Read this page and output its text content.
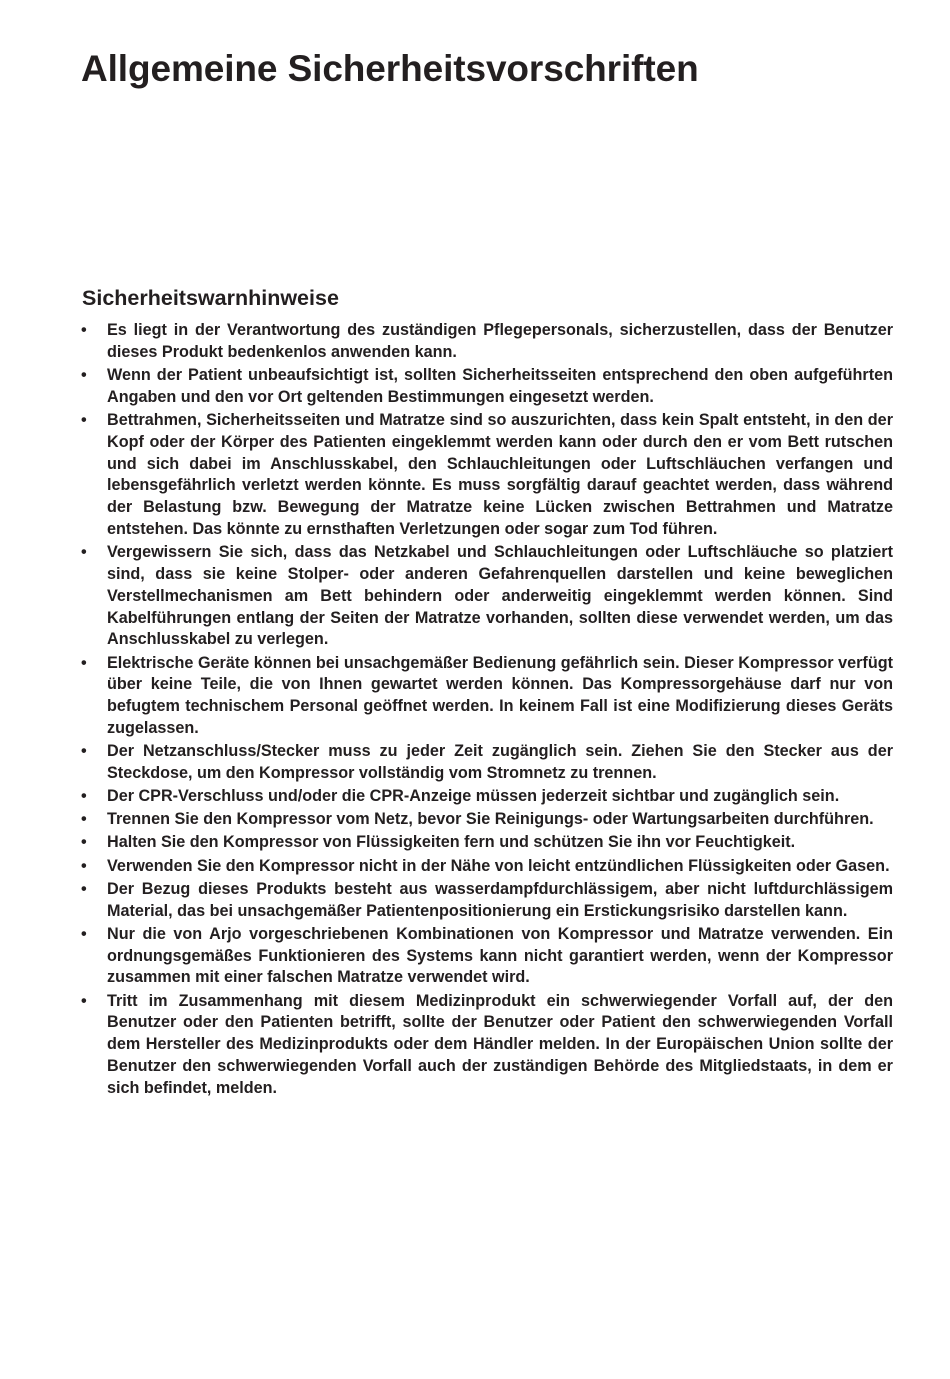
Allgemeine Sicherheitsvorschriften
Sicherheitswarnhinweise
• Es liegt in der Verantwortung des zuständigen Pflegepersonals, sicherzustellen, dass der Benutzer dieses Produkt bedenkenlos anwenden kann.
• Wenn der Patient unbeaufsichtigt ist, sollten Sicherheitsseiten entsprechend den oben aufgeführten Angaben und den vor Ort geltenden Bestimmungen eingesetzt werden.
• Bettrahmen, Sicherheitsseiten und Matratze sind so auszurichten, dass kein Spalt entsteht, in den der Kopf oder der Körper des Patienten eingeklemmt werden kann oder durch den er vom Bett rutschen und sich dabei im Anschlusskabel, den Schlauchleitungen oder Luftschläuchen verfangen und lebensgefährlich verletzt werden könnte. Es muss sorgfältig darauf geachtet werden, dass während der Belastung bzw. Bewegung der Matratze keine Lücken zwischen Bettrahmen und Matratze entstehen. Das könnte zu ernsthaften Verletzungen oder sogar zum Tod führen.
• Vergewissern Sie sich, dass das Netzkabel und Schlauchleitungen oder Luftschläuche so platziert sind, dass sie keine Stolper- oder anderen Gefahrenquellen darstellen und keine beweglichen Verstellmechanismen am Bett behindern oder anderweitig eingeklemmt werden können. Sind Kabelführungen entlang der Seiten der Matratze vorhanden, sollten diese verwendet werden, um das Anschlusskabel zu verlegen.
• Elektrische Geräte können bei unsachgemäßer Bedienung gefährlich sein. Dieser Kompressor verfügt über keine Teile, die von Ihnen gewartet werden können. Das Kompressorgehäuse darf nur von befugtem technischem Personal geöffnet werden. In keinem Fall ist eine Modifizierung dieses Geräts zugelassen.
• Der Netzanschluss/Stecker muss zu jeder Zeit zugänglich sein. Ziehen Sie den Stecker aus der Steckdose, um den Kompressor vollständig vom Stromnetz zu trennen.
• Der CPR-Verschluss und/oder die CPR-Anzeige müssen jederzeit sichtbar und zugänglich sein.
• Trennen Sie den Kompressor vom Netz, bevor Sie Reinigungs- oder Wartungsarbeiten durchführen.
• Halten Sie den Kompressor von Flüssigkeiten fern und schützen Sie ihn vor Feuchtigkeit.
• Verwenden Sie den Kompressor nicht in der Nähe von leicht entzündlichen Flüssigkeiten oder Gasen.
• Der Bezug dieses Produkts besteht aus wasserdampfdurchlässigem, aber nicht luftdurchlässigem Material, das bei unsachgemäßer Patientenpositionierung ein Erstickungsrisiko darstellen kann.
• Nur die von Arjo vorgeschriebenen Kombinationen von Kompressor und Matratze verwenden. Ein ordnungsgemäßes Funktionieren des Systems kann nicht garantiert werden, wenn der Kompressor zusammen mit einer falschen Matratze verwendet wird.
• Tritt im Zusammenhang mit diesem Medizinprodukt ein schwerwiegender Vorfall auf, der den Benutzer oder den Patienten betrifft, sollte der Benutzer oder Patient den schwerwiegenden Vorfall dem Hersteller des Medizinprodukts oder dem Händler melden. In der Europäischen Union sollte der Benutzer den schwerwiegenden Vorfall auch der zuständigen Behörde des Mitgliedstaats, in dem er sich befindet, melden.
